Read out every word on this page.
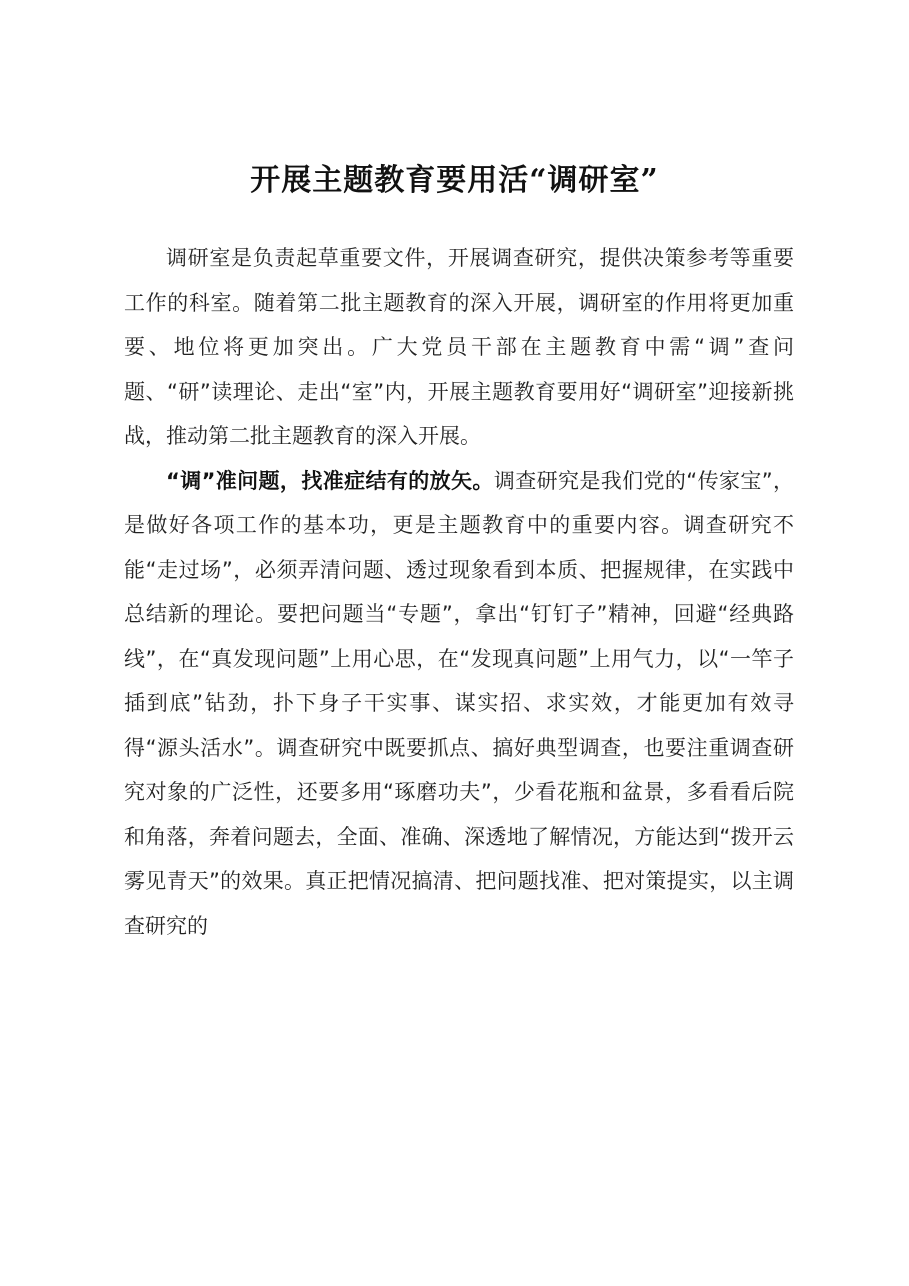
开展主题教育要用活“调研室”

调研室是负责起草重要文件，开展调查研究，提供决策参考等重要工作的科室。随着第二批主题教育的深入开展，调研室的作用将更加重要、地位将更加突出。广大党员干部在主题教育中需“调”查问题、“研”读理论、走出“室”内，开展主题教育要用好“调研室”迎接新挑战，推动第二批主题教育的深入开展。

“调”准问题，找准症结有的放矢。调查研究是我们党的“传家宝”，是做好各项工作的基本功，更是主题教育中的重要内容。调查研究不能“走过场”，必须弄清问题、透过现象看到本质、把握规律，在实践中总结新的理论。要把问题当“专题”，拿出“钉钉子”精神，回避“经典路线”，在“真发现问题”上用心思，在“发现真问题”上用气力，以“一竿子插到底”钻劲，扑下身子干实事、谋实招、求实效，才能更加有效寻得“源头活水”。调查研究中既要抓点、搞好典型调查，也要注重调查研究对象的广泛性，还要多用“琢磨功夫”，少看花瓶和盆景，多看看后院和角落，奔着问题去，全面、准确、深透地了解情况，方能达到“拨开云雾见青天”的效果。真正把情况搞清、把问题找准、把对策提实，以主调查研究的
